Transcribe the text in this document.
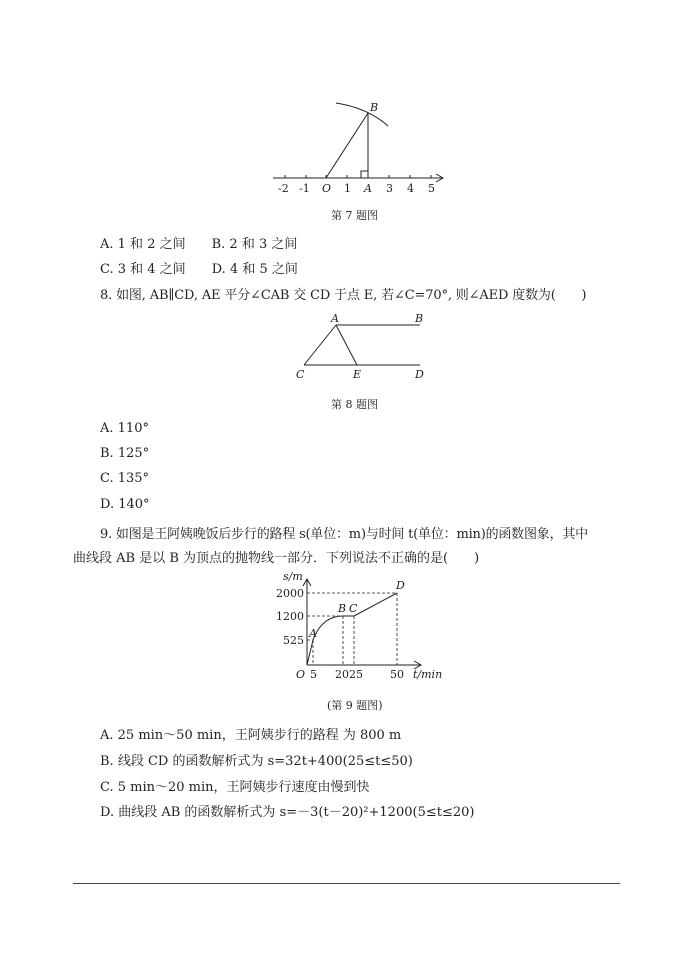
B
-2 -1 O 1 A 3 4 5
第 7 题图
A. 1 和 2 之间 B. 2 和 3 之间
C. 3 和 4 之间 D. 4 和 5 之间
8. 如图, AB∥CD, AE 平分∠CAB 交 CD 于点 E, 若∠C=70°, 则∠AED 度数为(　　)
A	B
C	E	D
第 8 题图
A. 110°
B. 125°
C. 135°
D. 140°
9. 如图是王阿姨晚饭后步行的路程 s(单位：m)与时间 t(单位：min)的函数图象，其中
曲线段 AB 是以 B 为顶点的抛物线一部分．下列说法不正确的是(　　)
s/m
t/min
2000
1200
525
O 5 20 25 50
A
B C
D
(第 9 题图)
A. 25 min～50 min，王阿姨步行的路程 为 800 m
B. 线段 CD 的函数解析式为 s=32t+400(25≤t≤50)
C. 5 min～20 min，王阿姨步行速度由慢到快
D. 曲线段 AB 的函数解析式为 s=－3(t－20)²+1200(5≤t≤20)
